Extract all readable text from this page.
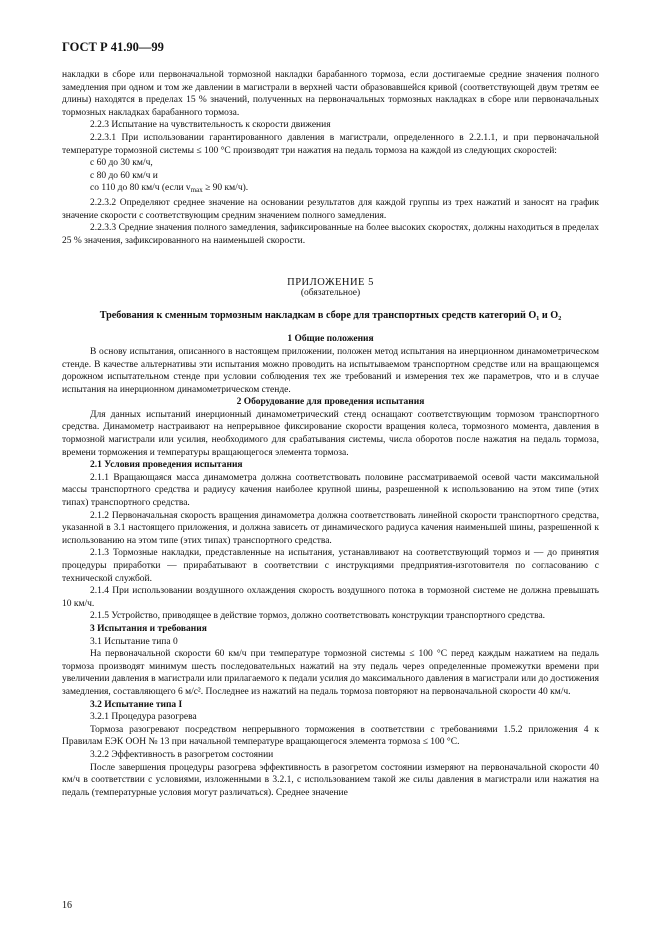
ГОСТ Р 41.90—99

накладки в сборе или первоначальной тормозной накладки барабанного тормоза, если достигаемые средние значения полного замедления при одном и том же давлении в магистрали в верхней части образовавшейся кривой (соответствующей двум третям ее длины) находятся в пределах 15 % значений, полученных на первоначальных тормозных накладках в сборе или первоначальных тормозных накладках барабанного тормоза.

2.2.3 Испытание на чувствительность к скорости движения

2.2.3.1 При использовании гарантированного давления в магистрали, определенного в 2.2.1.1, и при первоначальной температуре тормозной системы ≤ 100 °С производят три нажатия на педаль тормоза на каждой из следующих скоростей:

с 60 до 30 км/ч,

с 80 до 60 км/ч и

со 110 до 80 км/ч (если $v_{max} \ge 90$ км/ч).

2.2.3.2 Определяют среднее значение на основании результатов для каждой группы из трех нажатий и заносят на график значение скорости с соответствующим средним значением полного замедления.

2.2.3.3 Средние значения полного замедления, зафиксированные на более высоких скоростях, должны находиться в пределах 25 % значения, зафиксированного на наименьшей скорости.

ПРИЛОЖЕНИЕ 5
(обязательное)
Требования к сменным тормозным накладкам в сборе для транспортных средств категорий O₁ и O₂

1 Общие положения

В основу испытания, описанного в настоящем приложении, положен метод испытания на инерционном динамометрическом стенде. В качестве альтернативы эти испытания можно проводить на испытываемом транспортном средстве или на вращающемся дорожном испытательном стенде при условии соблюдения тех же требований и измерения тех же параметров, что и в случае испытания на инерционном динамометрическом стенде.

2 Оборудование для проведения испытания

Для данных испытаний инерционный динамометрический стенд оснащают соответствующим тормозом транспортного средства. Динамометр настраивают на непрерывное фиксирование скорости вращения колеса, тормозного момента, давления в тормозной магистрали или усилия, необходимого для срабатывания системы, числа оборотов после нажатия на педаль тормоза, времени торможения и температуры вращающегося элемента тормоза.

2.1 Условия проведения испытания

2.1.1 Вращающаяся масса динамометра должна соответствовать половине рассматриваемой осевой части максимальной массы транспортного средства и радиусу качения наиболее крупной шины, разрешенной к использованию на этом типе (этих типах) транспортного средства.

2.1.2 Первоначальная скорость вращения динамометра должна соответствовать линейной скорости транспортного средства, указанной в 3.1 настоящего приложения, и должна зависеть от динамического радиуса качения наименьшей шины, разрешенной к использованию на этом типе (этих типах) транспортного средства.

2.1.3 Тормозные накладки, представленные на испытания, устанавливают на соответствующий тормоз и — до принятия процедуры приработки — прирабатывают в соответствии с инструкциями предприятия-изготовителя по согласованию с технической службой.

2.1.4 При использовании воздушного охлаждения скорость воздушного потока в тормозной системе не должна превышать 10 км/ч.

2.1.5 Устройство, приводящее в действие тормоз, должно соответствовать конструкции транспортного средства.

3 Испытания и требования

3.1 Испытание типа 0

На первоначальной скорости 60 км/ч при температуре тормозной системы ≤ 100 °С перед каждым нажатием на педаль тормоза производят минимум шесть последовательных нажатий на эту педаль через определенные промежутки времени при увеличении давления в магистрали или прилагаемого к педали усилия до максимального давления в магистрали или до достижения замедления, составляющего 6 м/с². Последнее из нажатий на педаль тормоза повторяют на первоначальной скорости 40 км/ч.

3.2 Испытание типа I

3.2.1 Процедура разогрева

Тормоза разогревают посредством непрерывного торможения в соответствии с требованиями 1.5.2 приложения 4 к Правилам ЕЭК ООН № 13 при начальной температуре вращающегося элемента тормоза ≤ 100 °С.

3.2.2 Эффективность в разогретом состоянии

После завершения процедуры разогрева эффективность в разогретом состоянии измеряют на первоначальной скорости 40 км/ч в соответствии с условиями, изложенными в 3.2.1, с использованием такой же силы давления в магистрали или нажатия на педаль (температурные условия могут различаться). Среднее значение

16
